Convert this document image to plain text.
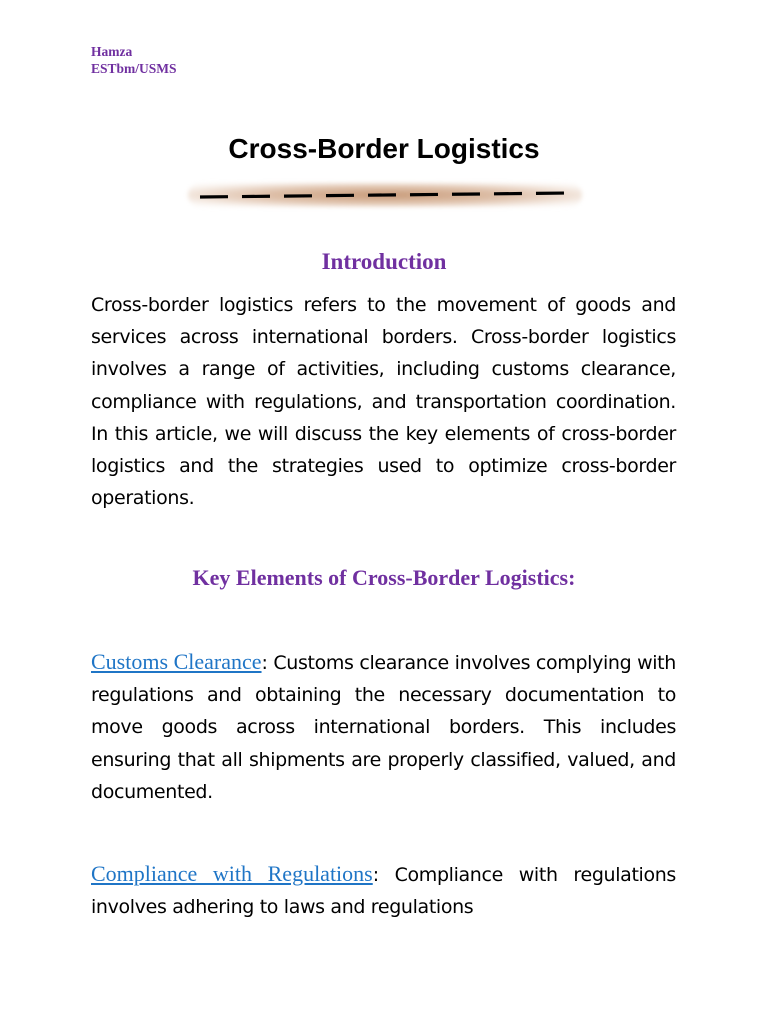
Hamza
ESTbm/USMS
Cross-Border Logistics
Introduction
Cross-border logistics refers to the movement of goods and services across international borders. Cross-border logistics involves a range of activities, including customs clearance, compliance with regulations, and transportation coordination. In this article, we will discuss the key elements of cross-border logistics and the strategies used to optimize cross-border operations.
Key Elements of Cross-Border Logistics:
Customs Clearance: Customs clearance involves complying with regulations and obtaining the necessary documentation to move goods across international borders. This includes ensuring that all shipments are properly classified, valued, and documented.
Compliance with Regulations: Compliance with regulations involves adhering to laws and regulations
